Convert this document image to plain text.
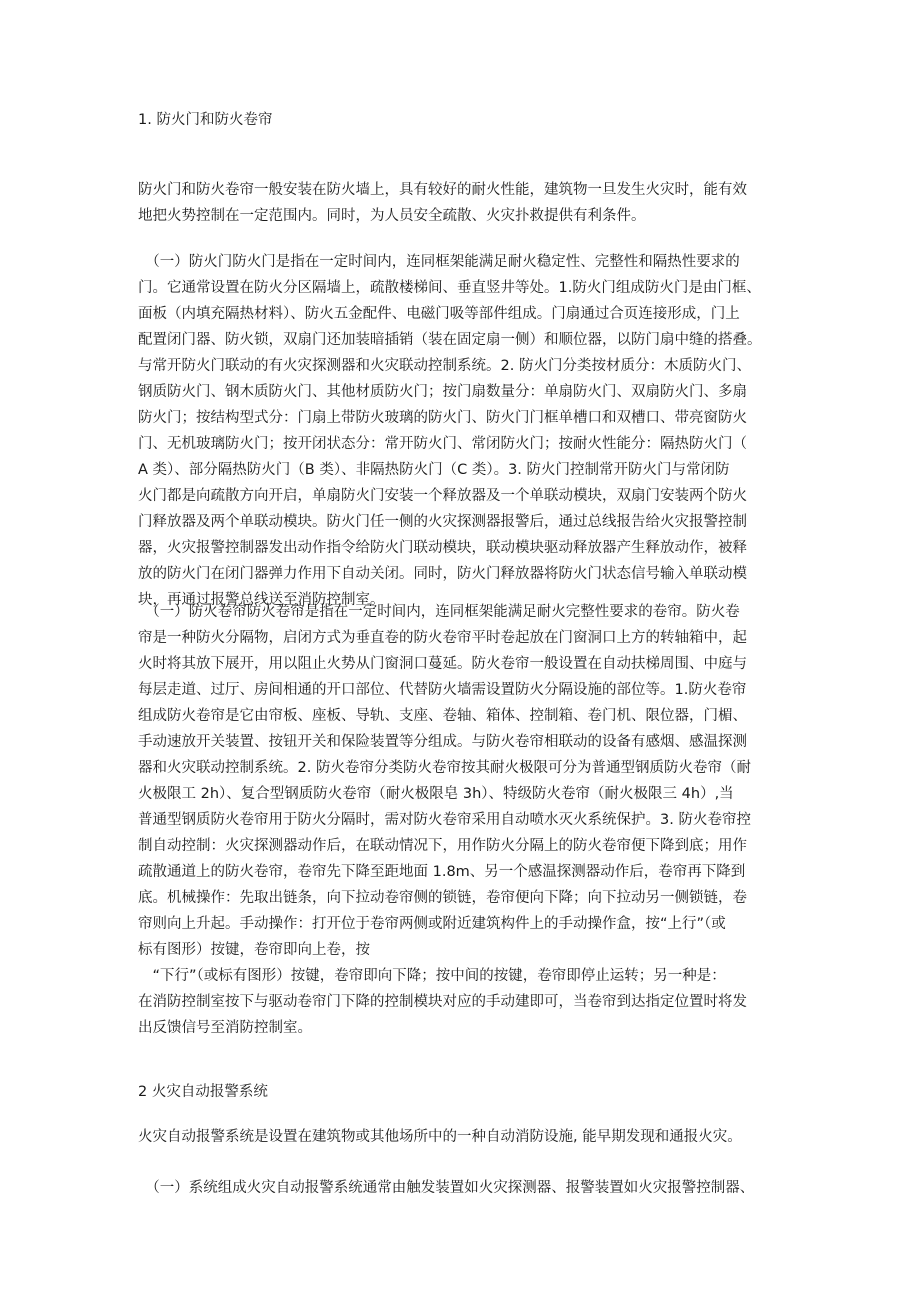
1. 防火门和防火卷帘
防火门和防火卷帘一般安装在防火墙上，具有较好的耐火性能，建筑物一旦发生火灾时，能有效
地把火势控制在一定范围内。同时，为人员安全疏散、火灾扑救提供有利条件。
　（一）防火门防火门是指在一定时间内，连同框架能满足耐火稳定性、完整性和隔热性要求的
门。它通常设置在防火分区隔墙上，疏散楼梯间、垂直竖井等处。1.防火门组成防火门是由门框、
面板（内填充隔热材料）、防火五金配件、电磁门吸等部件组成。门扇通过合页连接形成，门上
配置闭门器、防火锁，双扇门还加装暗插销（装在固定扇一侧）和顺位器，以防门扇中缝的搭叠。
与常开防火门联动的有火灾探测器和火灾联动控制系统。2. 防火门分类按材质分：木质防火门、
钢质防火门、钢木质防火门、其他材质防火门；按门扇数量分：单扇防火门、双扇防火门、多扇
防火门；按结构型式分：门扇上带防火玻璃的防火门、防火门门框单槽口和双槽口、带亮窗防火
门、无机玻璃防火门；按开闭状态分：常开防火门、常闭防火门；按耐火性能分：隔热防火门（
A 类）、部分隔热防火门（B 类）、非隔热防火门（C 类）。3. 防火门控制常开防火门与常闭防
火门都是向疏散方向开启，单扇防火门安装一个释放器及一个单联动模块，双扇门安装两个防火
门释放器及两个单联动模块。防火门任一侧的火灾探测器报警后，通过总线报告给火灾报警控制
器，火灾报警控制器发出动作指令给防火门联动模块，联动模块驱动释放器产生释放动作，被释
放的防火门在闭门器弹力作用下自动关闭。同时，防火门释放器将防火门状态信号输入单联动模
块，再通过报警总线送至消防控制室。
　（一）防火卷帘防火卷帘是指在一定时间内，连同框架能满足耐火完整性要求的卷帘。防火卷
帘是一种防火分隔物，启闭方式为垂直卷的防火卷帘平时卷起放在门窗洞口上方的转轴箱中，起
火时将其放下展开，用以阻止火势从门窗洞口蔓延。防火卷帘一般设置在自动扶梯周围、中庭与
每层走道、过厅、房间相通的开口部位、代替防火墙需设置防火分隔设施的部位等。1.防火卷帘
组成防火卷帘是它由帘板、座板、导轨、支座、卷轴、箱体、控制箱、卷门机、限位器，门楣、
手动速放开关装置、按钮开关和保险装置等分组成。与防火卷帘相联动的设备有感烟、感温探测
器和火灾联动控制系统。2. 防火卷帘分类防火卷帘按其耐火极限可分为普通型钢质防火卷帘（耐
火极限工 2h）、复合型钢质防火卷帘（耐火极限皂 3h）、特级防火卷帘（耐火极限三 4h）,当
普通型钢质防火卷帘用于防火分隔时，需对防火卷帘采用自动喷水灭火系统保护。3. 防火卷帘控
制自动控制：火灾探测器动作后，在联动情况下，用作防火分隔上的防火卷帘便下降到底；用作
疏散通道上的防火卷帘，卷帘先下降至距地面 1.8m、另一个感温探测器动作后，卷帘再下降到
底。机械操作：先取出链条，向下拉动卷帘侧的锁链，卷帘便向下降；向下拉动另一侧锁链，卷
帘则向上升起。手动操作：打开位于卷帘两侧或附近建筑构件上的手动操作盒，按“上行”（或
标有图形）按键，卷帘即向上卷，按
　“下行”（或标有图形）按键，卷帘即向下降；按中间的按键，卷帘即停止运转；另一种是：
在消防控制室按下与驱动卷帘门下降的控制模块对应的手动建即可，当卷帘到达指定位置时将发
出反馈信号至消防控制室。
2 火灾自动报警系统
火灾自动报警系统是设置在建筑物或其他场所中的一种自动消防设施, 能早期发现和通报火灾。
　（一）系统组成火灾自动报警系统通常由触发装置如火灾探测器、报警装置如火灾报警控制器、
